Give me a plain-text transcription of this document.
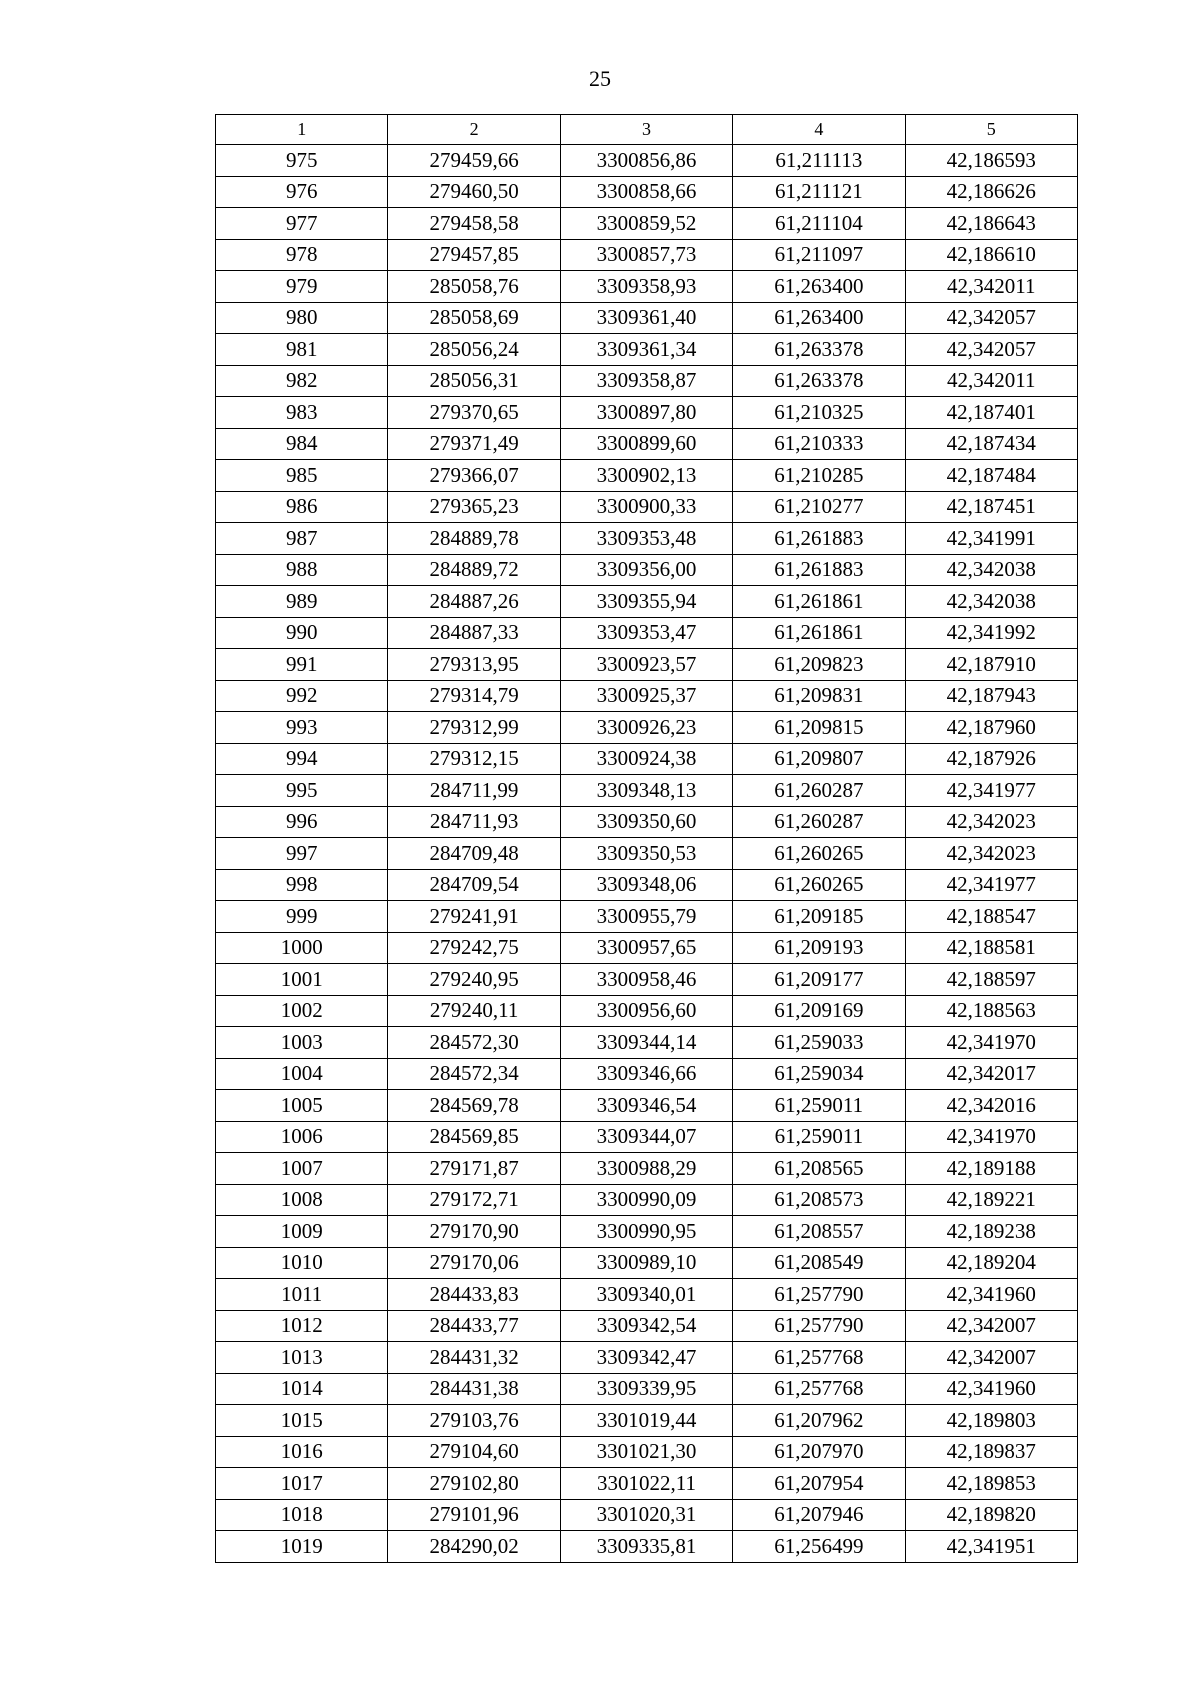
25
1	2	3	4	5
975	279459,66	3300856,86	61,211113	42,186593
976	279460,50	3300858,66	61,211121	42,186626
977	279458,58	3300859,52	61,211104	42,186643
978	279457,85	3300857,73	61,211097	42,186610
979	285058,76	3309358,93	61,263400	42,342011
980	285058,69	3309361,40	61,263400	42,342057
981	285056,24	3309361,34	61,263378	42,342057
982	285056,31	3309358,87	61,263378	42,342011
983	279370,65	3300897,80	61,210325	42,187401
984	279371,49	3300899,60	61,210333	42,187434
985	279366,07	3300902,13	61,210285	42,187484
986	279365,23	3300900,33	61,210277	42,187451
987	284889,78	3309353,48	61,261883	42,341991
988	284889,72	3309356,00	61,261883	42,342038
989	284887,26	3309355,94	61,261861	42,342038
990	284887,33	3309353,47	61,261861	42,341992
991	279313,95	3300923,57	61,209823	42,187910
992	279314,79	3300925,37	61,209831	42,187943
993	279312,99	3300926,23	61,209815	42,187960
994	279312,15	3300924,38	61,209807	42,187926
995	284711,99	3309348,13	61,260287	42,341977
996	284711,93	3309350,60	61,260287	42,342023
997	284709,48	3309350,53	61,260265	42,342023
998	284709,54	3309348,06	61,260265	42,341977
999	279241,91	3300955,79	61,209185	42,188547
1000	279242,75	3300957,65	61,209193	42,188581
1001	279240,95	3300958,46	61,209177	42,188597
1002	279240,11	3300956,60	61,209169	42,188563
1003	284572,30	3309344,14	61,259033	42,341970
1004	284572,34	3309346,66	61,259034	42,342017
1005	284569,78	3309346,54	61,259011	42,342016
1006	284569,85	3309344,07	61,259011	42,341970
1007	279171,87	3300988,29	61,208565	42,189188
1008	279172,71	3300990,09	61,208573	42,189221
1009	279170,90	3300990,95	61,208557	42,189238
1010	279170,06	3300989,10	61,208549	42,189204
1011	284433,83	3309340,01	61,257790	42,341960
1012	284433,77	3309342,54	61,257790	42,342007
1013	284431,32	3309342,47	61,257768	42,342007
1014	284431,38	3309339,95	61,257768	42,341960
1015	279103,76	3301019,44	61,207962	42,189803
1016	279104,60	3301021,30	61,207970	42,189837
1017	279102,80	3301022,11	61,207954	42,189853
1018	279101,96	3301020,31	61,207946	42,189820
1019	284290,02	3309335,81	61,256499	42,341951
